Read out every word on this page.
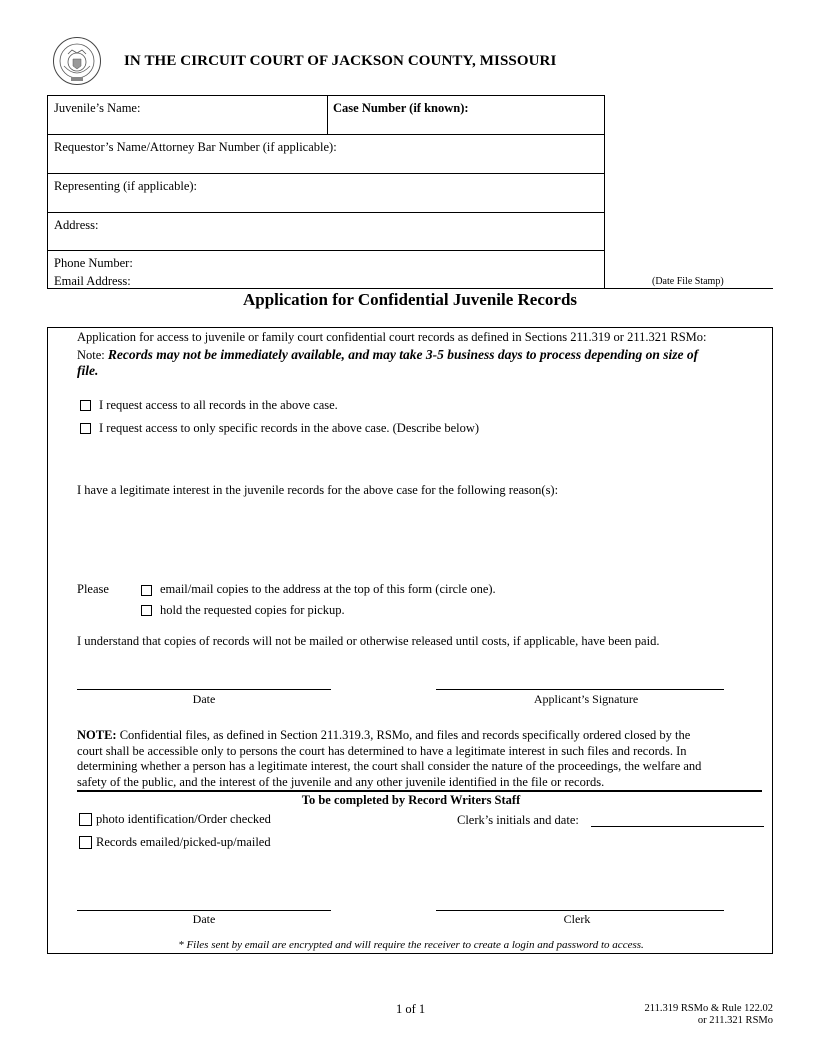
IN THE CIRCUIT COURT OF JACKSON COUNTY, MISSOURI
Juvenile’s Name:	Case Number (if known):
Requestor’s Name/Attorney Bar Number (if applicable):
Representing (if applicable):
Address:
Phone Number:
Email Address:	(Date File Stamp)
Application for Confidential Juvenile Records
Application for access to juvenile or family court confidential court records as defined in Sections 211.319 or 211.321 RSMo:
Note: Records may not be immediately available, and may take 3-5 business days to process depending on size of
file.
I request access to all records in the above case.
I request access to only specific records in the above case. (Describe below)
I have a legitimate interest in the juvenile records for the above case for the following reason(s):
Please	email/mail copies to the address at the top of this form (circle one).
hold the requested copies for pickup.
I understand that copies of records will not be mailed or otherwise released until costs, if applicable, have been paid.
Date	Applicant’s Signature
NOTE: Confidential files, as defined in Section 211.319.3, RSMo, and files and records specifically ordered closed by the
court shall be accessible only to persons the court has determined to have a legitimate interest in such files and records. In
determining whether a person has a legitimate interest, the court shall consider the nature of the proceedings, the welfare and
safety of the public, and the interest of the juvenile and any other juvenile identified in the file or records.
To be completed by Record Writers Staff
photo identification/Order checked
Records emailed/picked-up/mailed
Clerk’s initials and date:
Date	Clerk
* Files sent by email are encrypted and will require the receiver to create a login and password to access.
1 of 1	211.319 RSMo & Rule 122.02
or 211.321 RSMo
